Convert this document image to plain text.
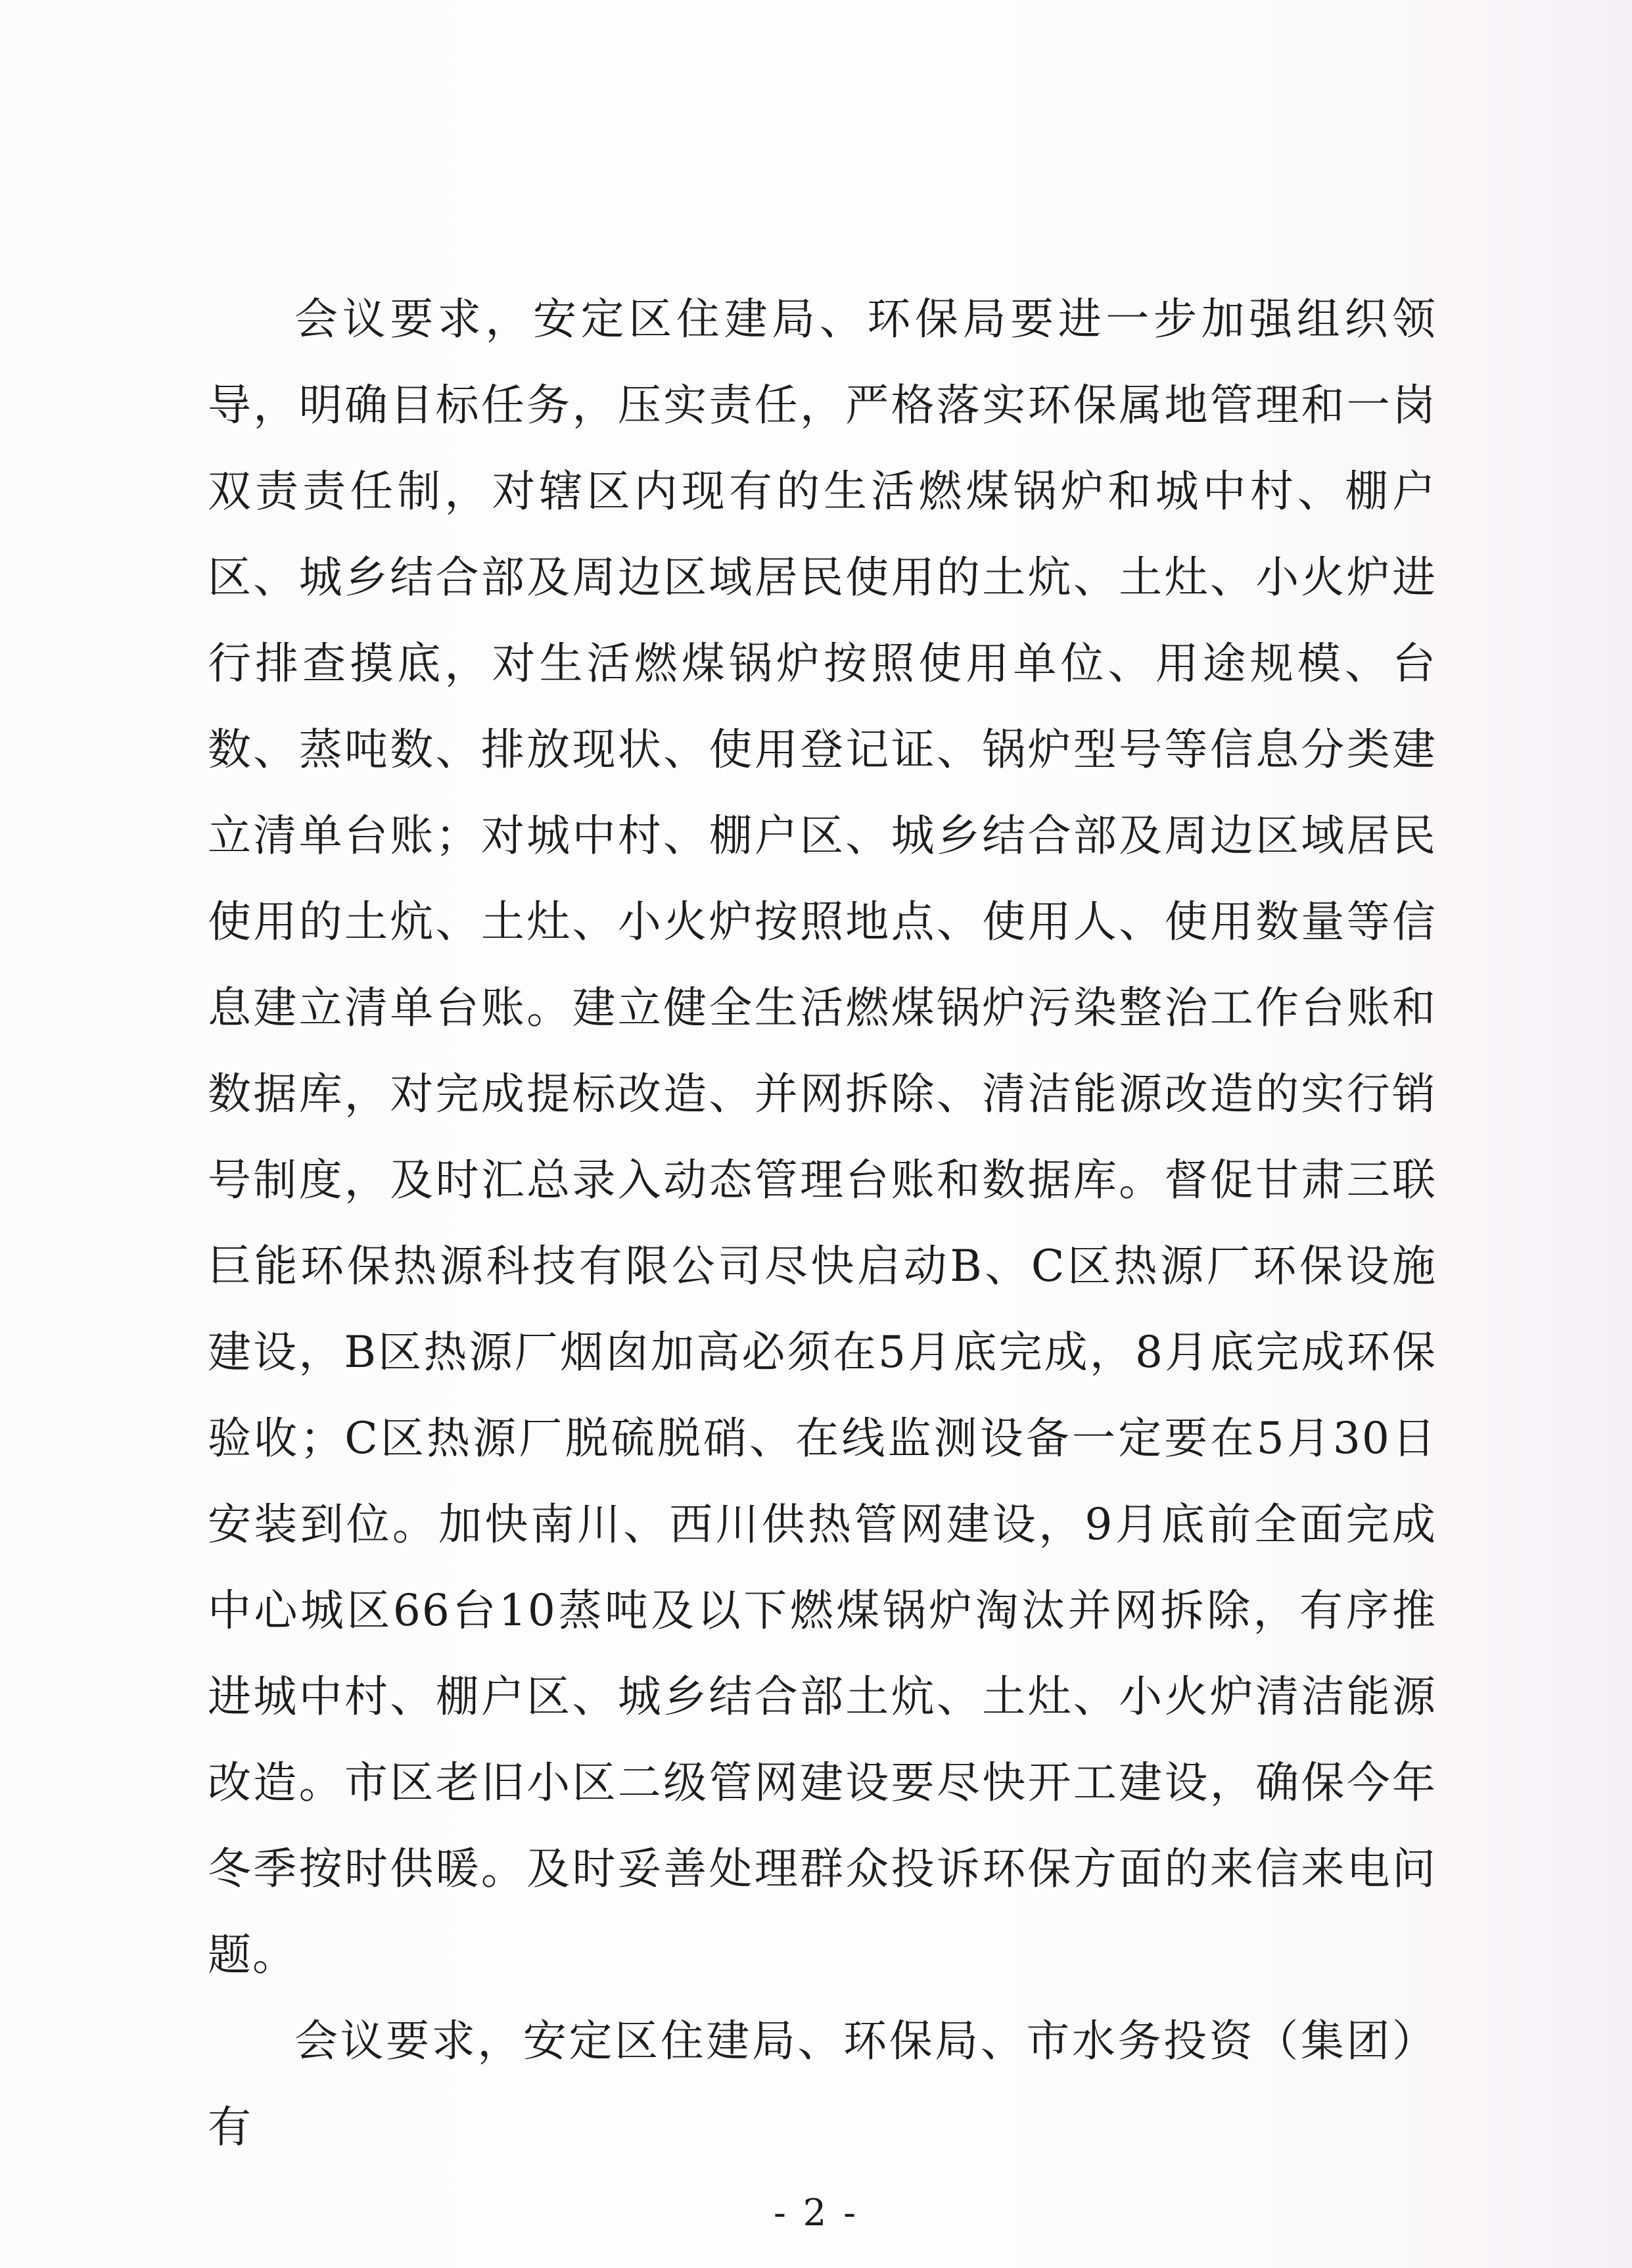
会议要求，安定区住建局、环保局要进一步加强组织领导，明确目标任务，压实责任，严格落实环保属地管理和一岗双责责任制，对辖区内现有的生活燃煤锅炉和城中村、棚户区、城乡结合部及周边区域居民使用的土炕、土灶、小火炉进行排查摸底，对生活燃煤锅炉按照使用单位、用途规模、台数、蒸吨数、排放现状、使用登记证、锅炉型号等信息分类建立清单台账；对城中村、棚户区、城乡结合部及周边区域居民使用的土炕、土灶、小火炉按照地点、使用人、使用数量等信息建立清单台账。建立健全生活燃煤锅炉污染整治工作台账和数据库，对完成提标改造、并网拆除、清洁能源改造的实行销号制度，及时汇总录入动态管理台账和数据库。督促甘肃三联巨能环保热源科技有限公司尽快启动B、C区热源厂环保设施建设，B区热源厂烟囱加高必须在5月底完成，8月底完成环保验收；C区热源厂脱硫脱硝、在线监测设备一定要在5月30日安装到位。加快南川、西川供热管网建设，9月底前全面完成中心城区66台10蒸吨及以下燃煤锅炉淘汰并网拆除，有序推进城中村、棚户区、城乡结合部土炕、土灶、小火炉清洁能源改造。市区老旧小区二级管网建设要尽快开工建设，确保今年冬季按时供暖。及时妥善处理群众投诉环保方面的来信来电问题。

会议要求，安定区住建局、环保局、市水务投资（集团）有

- 2 -
